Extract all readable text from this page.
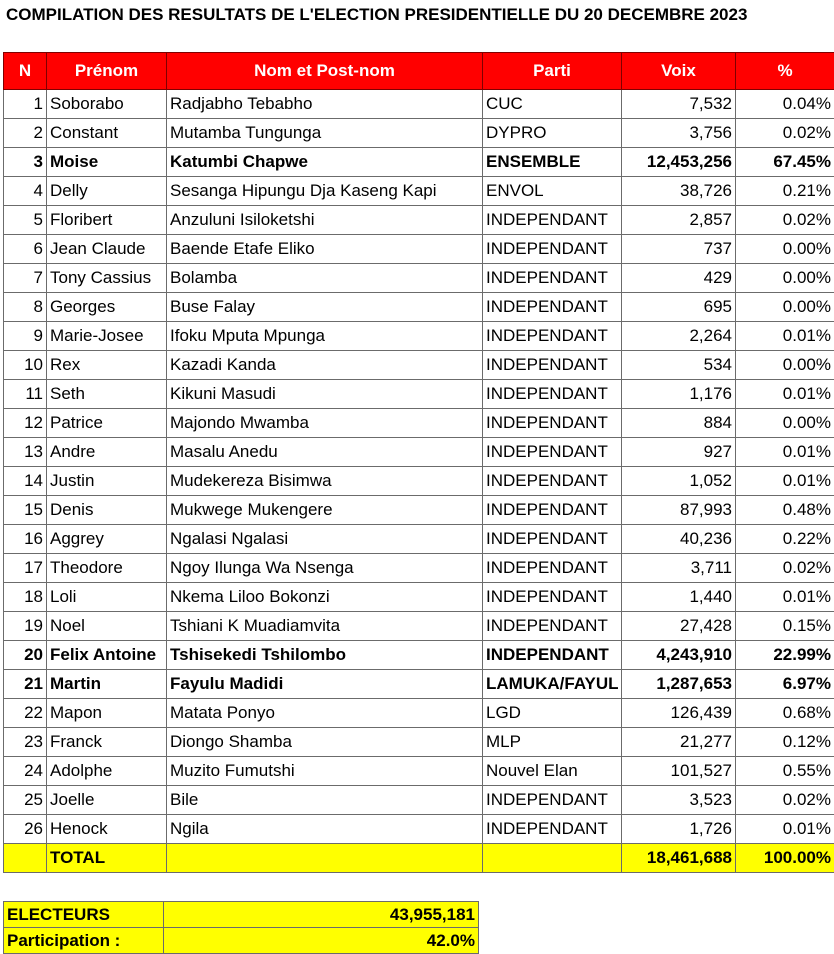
COMPILATION DES RESULTATS DE L'ELECTION PRESIDENTIELLE DU 20 DECEMBRE 2023
N	Prénom	Nom et Post-nom	Parti	Voix	%
1	Soborabo	Radjabho Tebabho	CUC	7,532	0.04%
2	Constant	Mutamba Tungunga	DYPRO	3,756	0.02%
3	Moise	Katumbi Chapwe	ENSEMBLE	12,453,256	67.45%
4	Delly	Sesanga Hipungu Dja Kaseng Kapi	ENVOL	38,726	0.21%
5	Floribert	Anzuluni Isiloketshi	INDEPENDANT	2,857	0.02%
6	Jean Claude	Baende Etafe Eliko	INDEPENDANT	737	0.00%
7	Tony Cassius	Bolamba	INDEPENDANT	429	0.00%
8	Georges	Buse Falay	INDEPENDANT	695	0.00%
9	Marie-Josee	Ifoku Mputa Mpunga	INDEPENDANT	2,264	0.01%
10	Rex	Kazadi Kanda	INDEPENDANT	534	0.00%
11	Seth	Kikuni Masudi	INDEPENDANT	1,176	0.01%
12	Patrice	Majondo Mwamba	INDEPENDANT	884	0.00%
13	Andre	Masalu Anedu	INDEPENDANT	927	0.01%
14	Justin	Mudekereza Bisimwa	INDEPENDANT	1,052	0.01%
15	Denis	Mukwege Mukengere	INDEPENDANT	87,993	0.48%
16	Aggrey	Ngalasi Ngalasi	INDEPENDANT	40,236	0.22%
17	Theodore	Ngoy Ilunga Wa Nsenga	INDEPENDANT	3,711	0.02%
18	Loli	Nkema Liloo Bokonzi	INDEPENDANT	1,440	0.01%
19	Noel	Tshiani K Muadiamvita	INDEPENDANT	27,428	0.15%
20	Felix Antoine	Tshisekedi Tshilombo	INDEPENDANT	4,243,910	22.99%
21	Martin	Fayulu Madidi	LAMUKA/FAYUL	1,287,653	6.97%
22	Mapon	Matata Ponyo	LGD	126,439	0.68%
23	Franck	Diongo Shamba	MLP	21,277	0.12%
24	Adolphe	Muzito Fumutshi	Nouvel Elan	101,527	0.55%
25	Joelle	Bile	INDEPENDANT	3,523	0.02%
26	Henock	Ngila	INDEPENDANT	1,726	0.01%
	TOTAL			18,461,688	100.00%
ELECTEURS	43,955,181
Participation :	42.0%
